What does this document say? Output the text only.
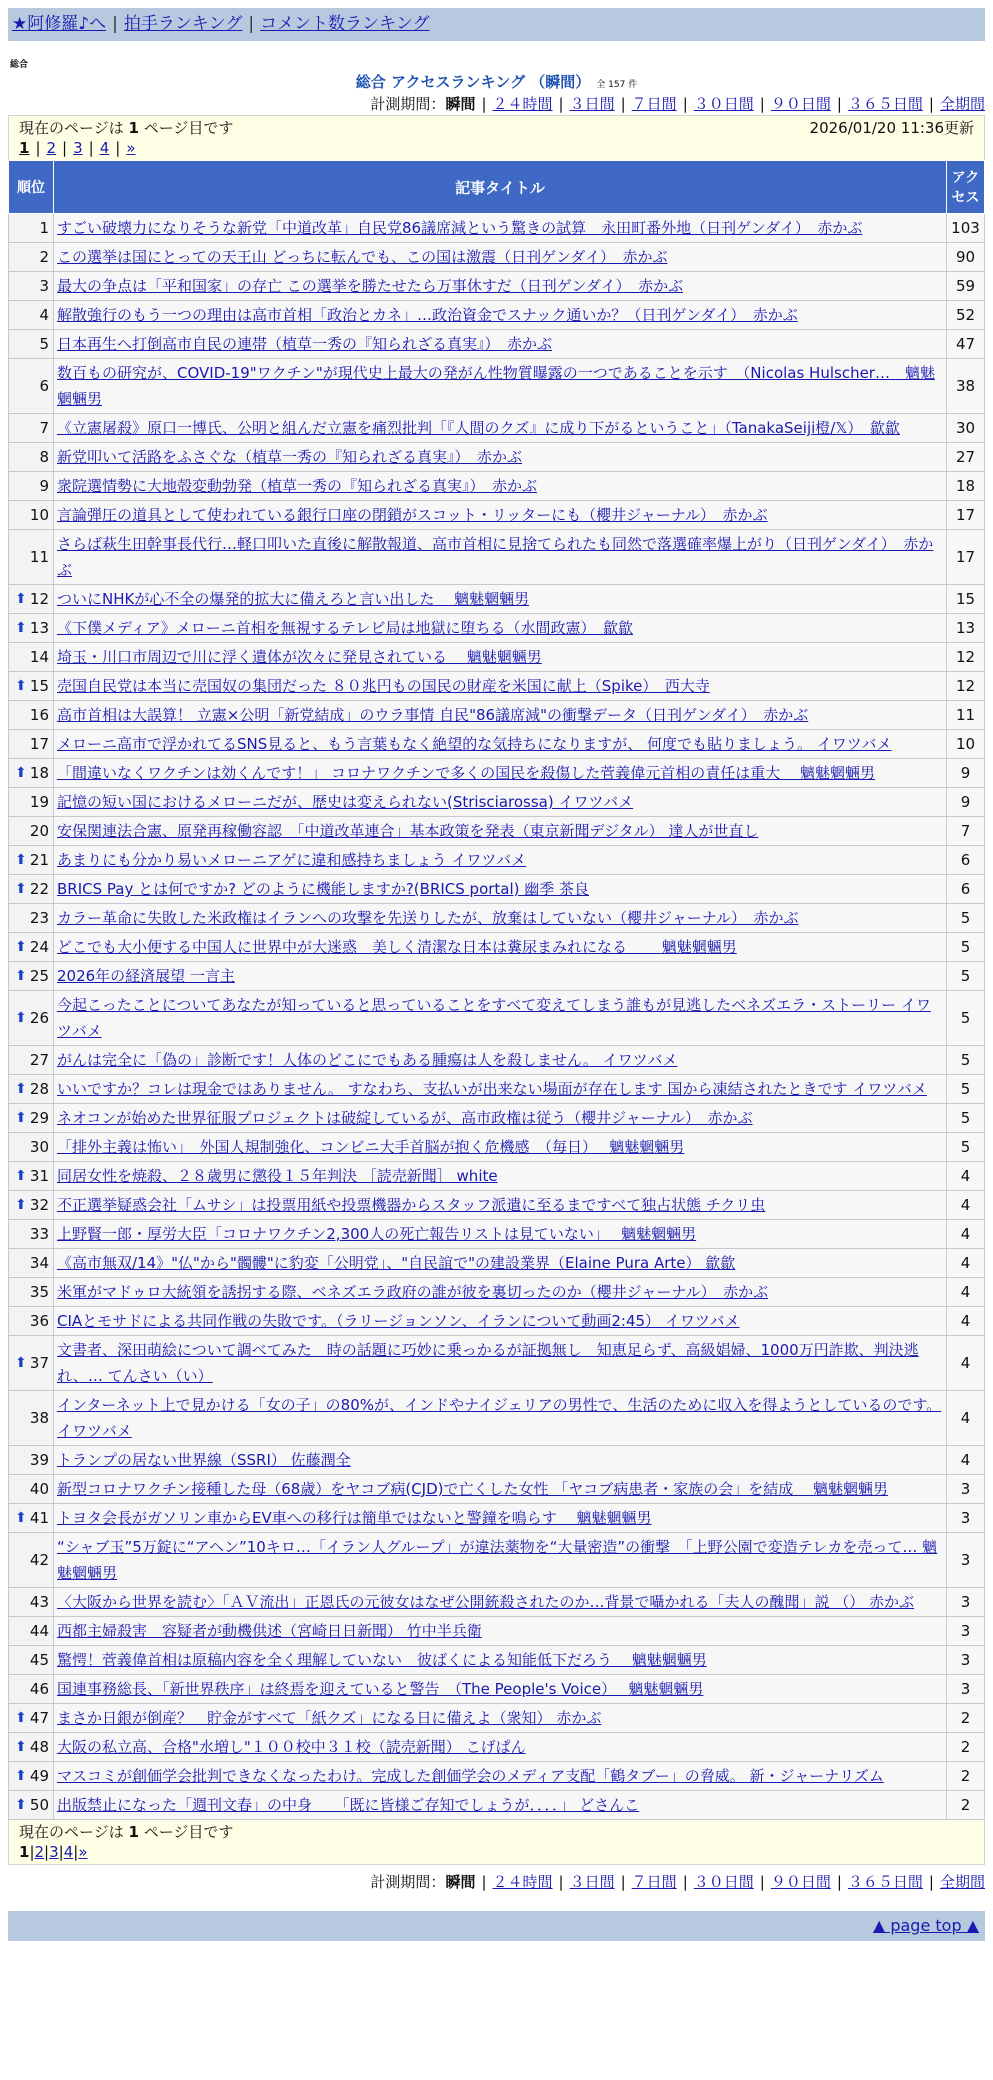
★阿修羅♪へ | 拍手ランキング | コメント数ランキング
総合
総合 アクセスランキング （瞬間） 全 157 件
計測期間：瞬間 | ２４時間 | ３日間 | ７日間 | ３０日間 | ９０日間 | ３６５日間 | 全期間
現在のページは 1 ページ目です	2026/01/20 11:36更新
1 | 2 | 3 | 4 | »
順位	記事タイトル	アクセス
1	すごい破壊力になりそうな新党「中道改革」自民党86議席減という驚きの試算　永田町番外地（日刊ゲンダイ）　赤かぶ	103
2	この選挙は国にとっての天王山 どっちに転んでも、この国は激震（日刊ゲンダイ）　赤かぶ	90
3	最大の争点は「平和国家」の存亡 この選挙を勝たせたら万事休すだ（日刊ゲンダイ）　赤かぶ	59
4	解散強行のもう一つの理由は高市首相「政治とカネ」…政治資金でスナック通いか？（日刊ゲンダイ）　赤かぶ	52
5	日本再生へ打倒高市自民の連帯（植草一秀の『知られざる真実』）　赤かぶ	47
6	数百もの研究が、COVID-19"ワクチン"が現代史上最大の発がん性物質曝露の一つであることを示す　（Nicolas Hulscher…　魑魅魍魎男	38
7	《立憲屠殺》原口一博氏、公明と組んだ立憲を痛烈批判「『人間のクズ』に成り下がるということ」（TanakaSeiji橙/𝕏）　歙歙	30
8	新党叩いて活路をふさぐな（植草一秀の『知られざる真実』）　赤かぶ	27
9	衆院選情勢に大地殻変動勃発（植草一秀の『知られざる真実』）　赤かぶ	18
10	言論弾圧の道具として使われている銀行口座の閉鎖がスコット・リッターにも（櫻井ジャーナル）　赤かぶ	17
11	さらば萩生田幹事長代行…軽口叩いた直後に解散報道、高市首相に見捨てられたも同然で落選確率爆上がり（日刊ゲンダイ）　赤かぶ	17

⬆ 12	ついにNHKが心不全の爆発的拡大に備えろと言い出した　 魑魅魍魎男	15

⬆ 13	《下僕メディア》メローニ首相を無視するテレビ局は地獄に堕ちる（水間政憲）　歙歙	13
14	埼玉・川口市周辺で川に浮く遺体が次々に発見されている　 魑魅魍魎男	12

⬆ 15	売国自民党は本当に売国奴の集団だった ８０兆円もの国民の財産を米国に献上（Spike）　西大寺	12
16	高市首相は大誤算！ 立憲×公明「新党結成」のウラ事情 自民"86議席減"の衝撃データ（日刊ゲンダイ）　赤かぶ	11
17	メローニ高市で浮かれてるSNS見ると、もう言葉もなく絶望的な気持ちになりますが、 何度でも貼りましょう。 イワツバメ	10

⬆ 18	「間違いなくワクチンは効くんです！」 コロナワクチンで多くの国民を殺傷した菅義偉元首相の責任は重大　 魑魅魍魎男	9
19	記憶の短い国におけるメローニだが、歴史は変えられない(Strisciarossa) イワツバメ	9
20	安保関連法合憲、原発再稼働容認　「中道改革連合」基本政策を発表（東京新聞デジタル） 達人が世直し	7

⬆ 21	あまりにも分かり易いメローニアゲに違和感持ちましょう イワツバメ	6

⬆ 22	BRICS Pay とは何ですか? どのように機能しますか?(BRICS portal) 幽季 茶良	6
23	カラー革命に失敗した米政権はイランへの攻撃を先送りしたが、放棄はしていない（櫻井ジャーナル）　赤かぶ	5

⬆ 24	どこでも大小便する中国人に世界中が大迷惑　美しく清潔な日本は糞尿まみれになる　　 魑魅魍魎男	5

⬆ 25	2026年の経済展望 一言主	5

⬆ 26	今起こったことについてあなたが知っていると思っていることをすべて変えてしまう誰もが見逃したベネズエラ・ストーリー イワツバメ	5
27	がんは完全に「偽の」診断です！人体のどこにでもある腫瘍は人を殺しません。 イワツバメ	5

⬆ 28	いいですか？コレは現金ではありません。 すなわち、支払いが出来ない場面が存在します 国から凍結されたときです イワツバメ	5

⬆ 29	ネオコンが始めた世界征服プロジェクトは破綻しているが、高市政権は従う（櫻井ジャーナル）　赤かぶ	5
30	「排外主義は怖い」　外国人規制強化、コンビニ大手首脳が抱く危機感　（毎日）　 魑魅魍魎男	5

⬆ 31	同居女性を焼殺、２８歳男に懲役１５年判決 ［読売新聞］ white	4

⬆ 32	不正選挙疑惑会社「ムサシ」は投票用紙や投票機器からスタッフ派遣に至るまですべて独占状態 チクリ虫	4
33	上野賢一郎・厚労大臣「コロナワクチン2,300人の死亡報告リストは見ていない」　 魑魅魍魎男	4
34	《高市無双/14》"仏"から"髑髏"に豹変「公明党」、"自民誼で"の建設業界（Elaine Pura Arte） 歙歙	4
35	米軍がマドゥロ大統領を誘拐する際、ベネズエラ政府の誰が彼を裏切ったのか（櫻井ジャーナル）　赤かぶ	4
36	CIAとモサドによる共同作戦の失敗です。（ラリージョンソン、イランについて動画2:45） イワツバメ	4

⬆ 37	文書者、深田萌絵について調べてみた　時の話題に巧妙に乗っかるが証拠無し　知恵足らず、高級娼婦、1000万円詐欺、判決逃れ、… てんさい（い）	4
38	インターネット上で見かける「女の子」の80%が、インドやナイジェリアの男性で、生活のために収入を得ようとしているのです。 イワツバメ	4
39	トランプの居ない世界線（SSRI） 佐藤潤全	4
40	新型コロナワクチン接種した母（68歳）をヤコブ病(CJD)で亡くした女性 「ヤコブ病患者・家族の会」を結成　 魑魅魍魎男	3

⬆ 41	トヨタ会長がガソリン車からEV車への移行は簡単ではないと警鐘を鳴らす　 魑魅魍魎男	3
42	“シャブ玉”5万錠に“アヘン”10キロ…「イラン人グループ」が違法薬物を“大量密造”の衝撃　「上野公園で変造テレカを売って… 魑魅魍魎男	3
43	〈大阪から世界を読む〉「ＡＶ流出」正恩氏の元彼女はなぜ公開銃殺されたのか…背景で囁かれる「夫人の醜聞」説 （） 赤かぶ	3
44	西都主婦殺害　容疑者が動機供述（宮崎日日新聞） 竹中半兵衛	3
45	驚愕！菅義偉首相は原稿内容を全く理解していない　彼ばくによる知能低下だろう　 魑魅魍魎男	3
46	国連事務総長、「新世界秩序」は終焉を迎えていると警告　（The People's Voice）　 魑魅魍魎男	3

⬆ 47	まさか日銀が倒産？　貯金がすべて「紙クズ」になる日に備えよ（衆知） 赤かぶ	2

⬆ 48	大阪の私立高、合格"水増し"１００校中３１校（読売新聞） こげぱん	2

⬆ 49	マスコミが創価学会批判できなくなったわけ。完成した創価学会のメディア支配「鶴タブー」の脅威。 新・ジャーナリズム	2

⬆ 50	出版禁止になった「週刊文春」の中身　　「既に皆様ご存知でしょうが．．．．」 どさんこ	2
現在のページは 1 ページ目です
1|2|3|4|»
計測期間：瞬間 | ２４時間 | ３日間 | ７日間 | ３０日間 | ９０日間 | ３６５日間 | 全期間
▲ page top ▲
